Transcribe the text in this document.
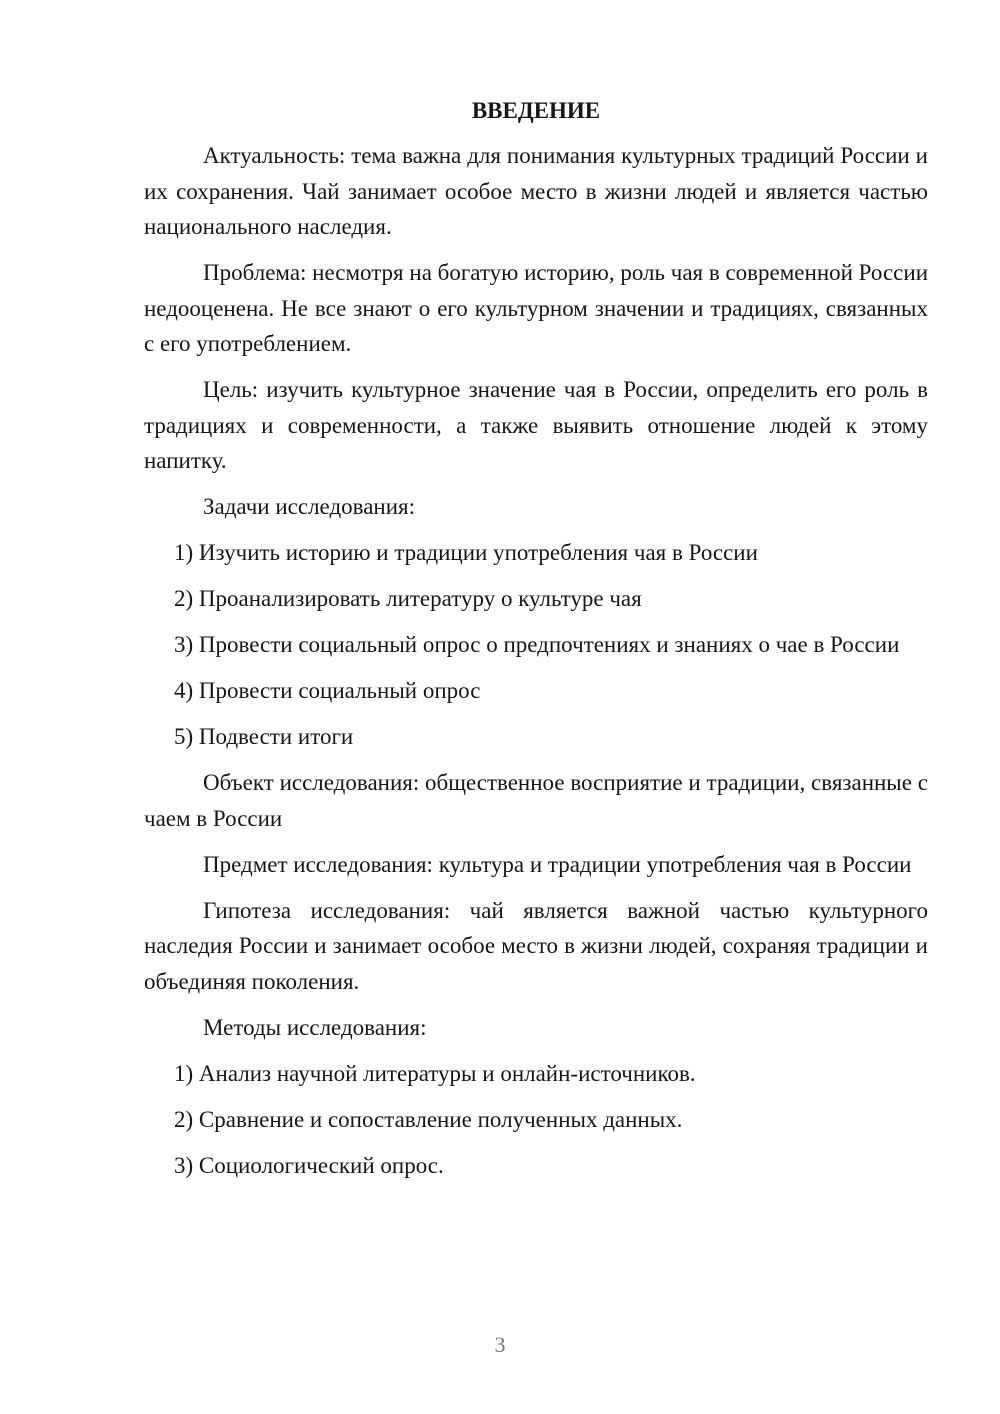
ВВЕДЕНИЕ

Актуальность: тема важна для понимания культурных традиций России и их сохранения. Чай занимает особое место в жизни людей и является частью национального наследия.

Проблема: несмотря на богатую историю, роль чая в современной России недооценена. Не все знают о его культурном значении и традициях, связанных с его употреблением.

Цель: изучить культурное значение чая в России, определить его роль в традициях и современности, а также выявить отношение людей к этому напитку.

Задачи исследования:

1) Изучить историю и традиции употребления чая в России

2) Проанализировать литературу о культуре чая

3) Провести социальный опрос о предпочтениях и знаниях о чае в России

4) Провести социальный опрос

5) Подвести итоги

Объект исследования: общественное восприятие и традиции, связанные с чаем в России

Предмет исследования: культура и традиции употребления чая в России

Гипотеза исследования: чай является важной частью культурного наследия России и занимает особое место в жизни людей, сохраняя традиции и объединяя поколения.

Методы исследования:

1) Анализ научной литературы и онлайн-источников.

2) Сравнение и сопоставление полученных данных.

3) Социологический опрос.

3
